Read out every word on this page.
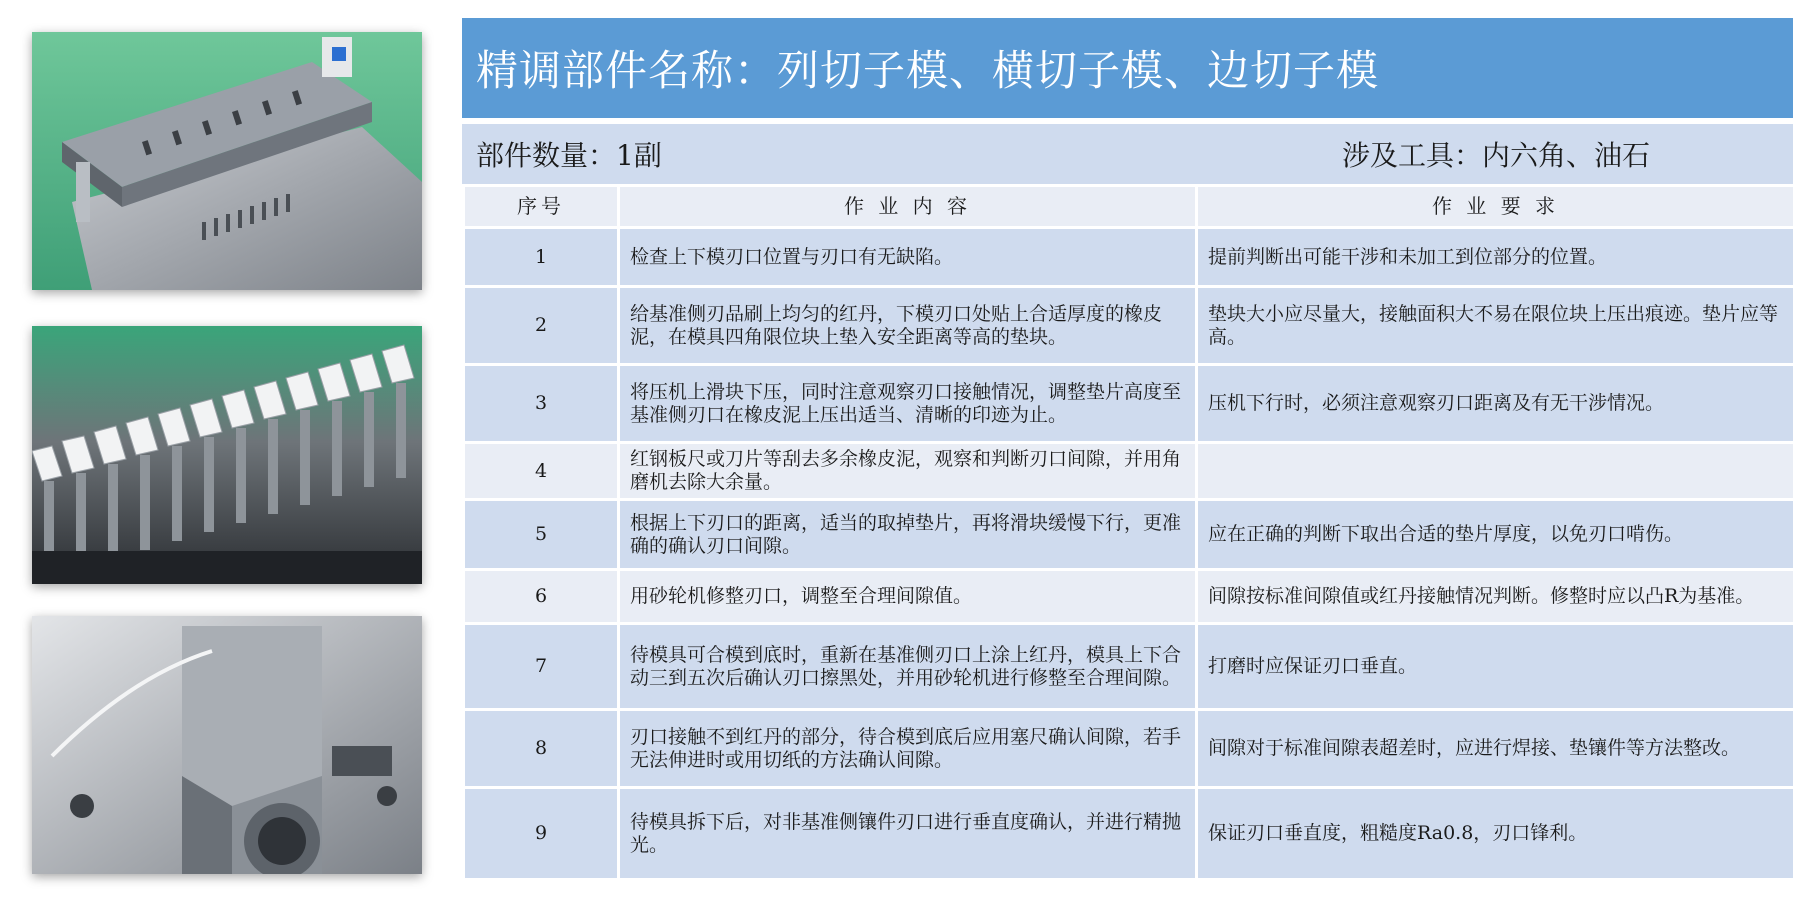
精调部件名称：列切子模、横切子模、边切子模
部件数量：1副	涉及工具：内六角、油石
序号	作 业 内 容	作 业 要 求
1	检查上下模刃口位置与刃口有无缺陷。	提前判断出可能干涉和未加工到位部分的位置。
2	给基准侧刃品刷上均匀的红丹，下模刃口处贴上合适厚度的橡皮泥，在模具四角限位块上垫入安全距离等高的垫块。	垫块大小应尽量大，接触面积大不易在限位块上压出痕迹。垫片应等高。
3	将压机上滑块下压，同时注意观察刃口接触情况，调整垫片高度至基准侧刃口在橡皮泥上压出适当、清晰的印迹为止。	压机下行时，必须注意观察刃口距离及有无干涉情况。
4	红钢板尺或刀片等刮去多余橡皮泥，观察和判断刃口间隙，并用角磨机去除大余量。	
5	根据上下刃口的距离，适当的取掉垫片，再将滑块缓慢下行，更准确的确认刃口间隙。	应在正确的判断下取出合适的垫片厚度，以免刃口啃伤。
6	用砂轮机修整刃口，调整至合理间隙值。	间隙按标准间隙值或红丹接触情况判断。修整时应以凸R为基准。
7	待模具可合模到底时，重新在基准侧刃口上涂上红丹，模具上下合动三到五次后确认刃口擦黑处，并用砂轮机进行修整至合理间隙。	打磨时应保证刃口垂直。
8	刃口接触不到红丹的部分，待合模到底后应用塞尺确认间隙，若手无法伸进时或用切纸的方法确认间隙。	间隙对于标准间隙表超差时，应进行焊接、垫镶件等方法整改。
9	待模具拆下后，对非基准侧镶件刃口进行垂直度确认，并进行精抛光。	保证刃口垂直度，粗糙度Ra0.8，刃口锋利。
